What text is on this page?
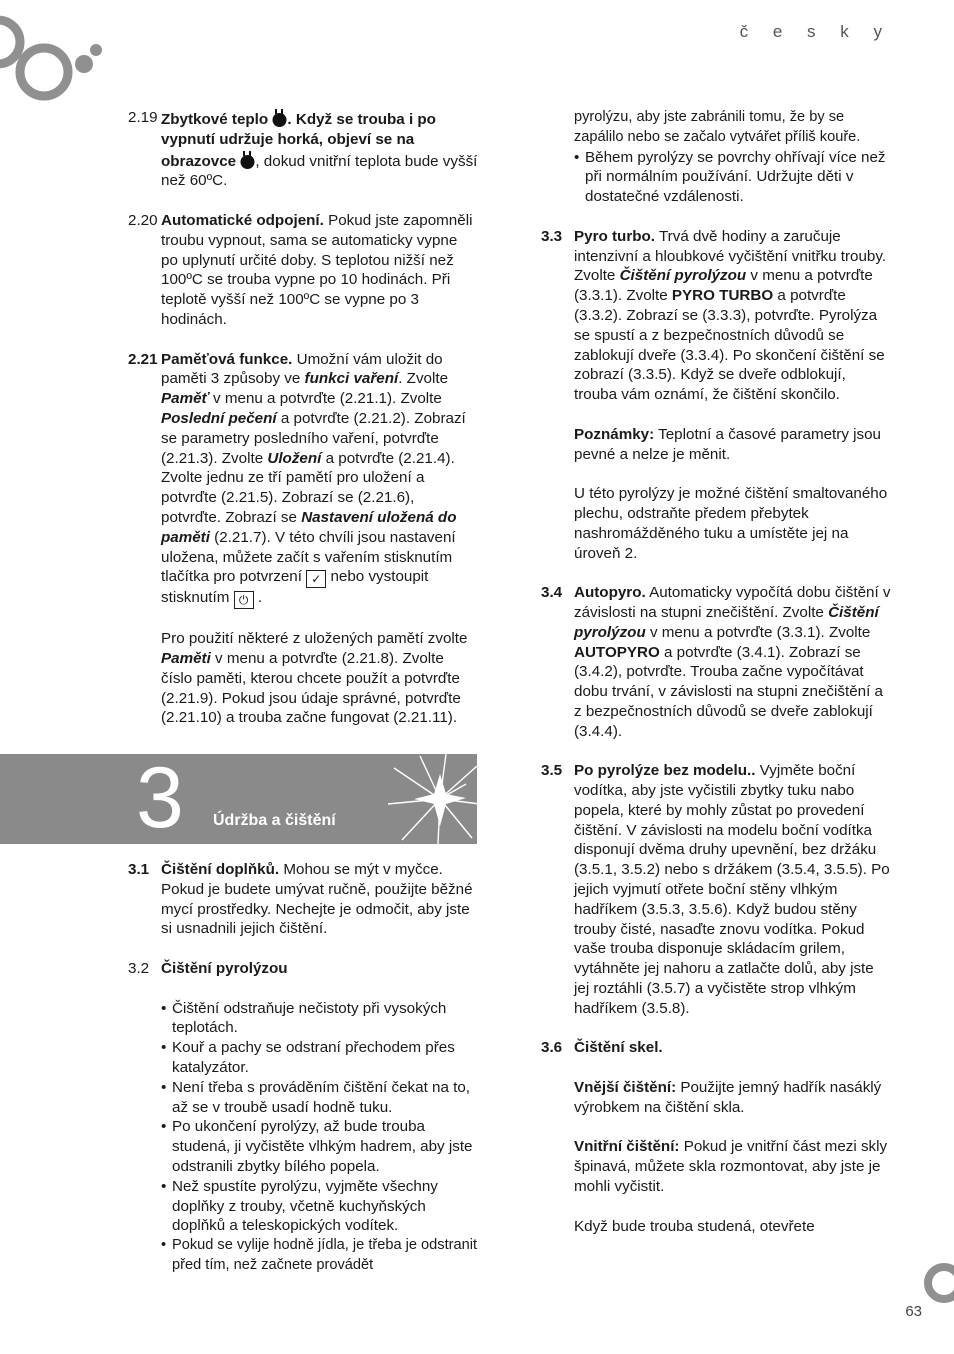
č e s k y
2.19 Zbytkové teplo . Když se trouba i po vypnutí udržuje horká, objeví se na obrazovce , dokud vnitřní teplota bude vyšší než 60ºC.

2.20 Automatické odpojení. Pokud jste zapomněli troubu vypnout, sama se automaticky vypne po uplynutí určité doby. S teplotou nižší než 100ºC se trouba vypne po 10 hodinách. Při teplotě vyšší než 100ºC se vypne po 3 hodinách.

2.21 Paměťová funkce. Umožní vám uložit do paměti 3 způsoby ve funkci vaření. Zvolte Paměť v menu a potvrďte (2.21.1). Zvolte Poslední pečení a potvrďte (2.21.2). Zobrazí se parametry posledního vaření, potvrďte (2.21.3). Zvolte Uložení a potvrďte (2.21.4). Zvolte jednu ze tří pamětí pro uložení a potvrďte (2.21.5). Zobrazí se (2.21.6), potvrďte. Zobrazí se Nastavení uložená do paměti (2.21.7). V této chvíli jsou nastavení uložena, můžete začít s vařením stisknutím tlačítka pro potvrzení ✓ nebo vystoupit stisknutím ⏻ .

Pro použití některé z uložených pamětí zvolte Paměti v menu a potvrďte (2.21.8). Zvolte číslo paměti, kterou chcete použít a potvrďte (2.21.9). Pokud jsou údaje správné, potvrďte (2.21.10) a trouba začne fungovat (2.21.11).

3 Údržba a čištění
3.1 Čištění doplňků. Mohou se mýt v myčce. Pokud je budete umývat ručně, použijte běžné mycí prostředky. Nechejte je odmočit, aby jste si usnadnili jejich čištění.

3.2 Čištění pyrolýzou

• Čištění odstraňuje nečistoty při vysokých teplotách.

• Kouř a pachy se odstraní přechodem přes katalyzátor.

• Není třeba s prováděním čištění čekat na to, až se v troubě usadí hodně tuku.

• Po ukončení pyrolýzy, až bude trouba studená, ji vyčistěte vlhkým hadrem, aby jste odstranili zbytky bílého popela.

• Než spustíte pyrolýzu, vyjměte všechny doplňky z trouby, včetně kuchyňských doplňků a teleskopických vodítek.

• Pokud se vylije hodně jídla, je třeba je odstranit před tím, než začnete provádět

pyrolýzu, aby jste zabránili tomu, že by se zapálilo nebo se začalo vytvářet příliš kouře.

• Během pyrolýzy se povrchy ohřívají více než při normálním používání. Udržujte děti v dostatečné vzdálenosti.

3.3 Pyro turbo. Trvá dvě hodiny a zaručuje intenzivní a hloubkové vyčištění vnitřku trouby. Zvolte Čištění pyrolýzou v menu a potvrďte (3.3.1). Zvolte PYRO TURBO a potvrďte (3.3.2). Zobrazí se (3.3.3), potvrďte. Pyrolýza se spustí a z bezpečnostních důvodů se zablokují dveře (3.3.4). Po skončení čištění se zobrazí (3.3.5). Když se dveře odblokují, trouba vám oznámí, že čištění skončilo.

Poznámky: Teplotní a časové parametry jsou pevné a nelze je měnit.

U této pyrolýzy je možné čištění smaltovaného plechu, odstraňte předem přebytek nashromážděného tuku a umístěte jej na úroveň 2.

3.4 Autopyro. Automaticky vypočítá dobu čištění v závislosti na stupni znečištění. Zvolte Čištění pyrolýzou v menu a potvrďte (3.3.1). Zvolte AUTOPYRO a potvrďte (3.4.1). Zobrazí se (3.4.2), potvrďte. Trouba začne vypočítávat dobu trvání, v závislosti na stupni znečištění a z bezpečnostních důvodů se dveře zablokují (3.4.4).

3.5 Po pyrolýze bez modelu.. Vyjměte boční vodítka, aby jste vyčistili zbytky tuku nabo popela, které by mohly zůstat po provedení čištění. V závislosti na modelu boční vodítka disponují dvěma druhy upevnění, bez držáku (3.5.1, 3.5.2) nebo s držákem (3.5.4, 3.5.5). Po jejich vyjmutí otřete boční stěny vlhkým hadříkem (3.5.3, 3.5.6). Když budou stěny trouby čisté, nasaďte znovu vodítka. Pokud vaše trouba disponuje skládacím grilem, vytáhněte jej nahoru a zatlačte dolů, aby jste jej roztáhli (3.5.7) a vyčistěte strop vlhkým hadříkem (3.5.8).

3.6 Čištění skel.

Vnější čištění: Použijte jemný hadřík nasáklý výrobkem na čištění skla.

Vnitřní čištění: Pokud je vnitřní část mezi skly špinavá, můžete skla rozmontovat, aby jste je mohli vyčistit.

Když bude trouba studená, otevřete

63
